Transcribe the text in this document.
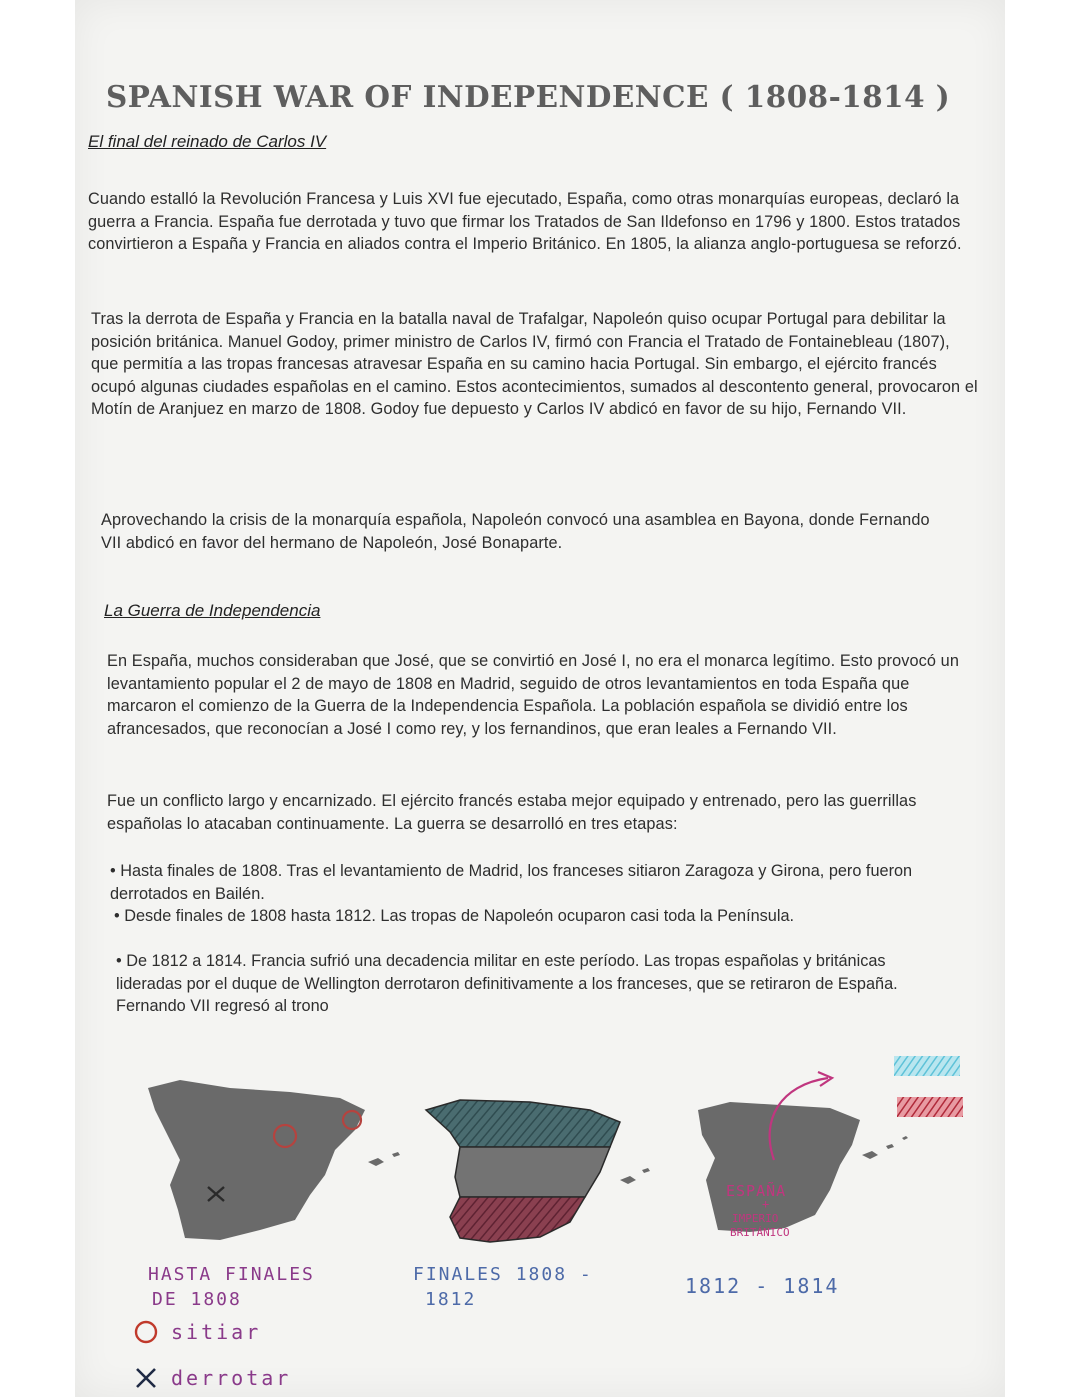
SPANISH WAR OF INDEPENDENCE ( 1808-1814 )
El final del reinado de Carlos IV

Cuando estalló la Revolución Francesa y Luis XVI fue ejecutado, España, como otras monarquías europeas, declaró la guerra a Francia. España fue derrotada y tuvo que firmar los Tratados de San Ildefonso en 1796 y 1800. Estos tratados convirtieron a España y Francia en aliados contra el Imperio Británico. En 1805, la alianza anglo-portuguesa se reforzó.

Tras la derrota de España y Francia en la batalla naval de Trafalgar, Napoleón quiso ocupar Portugal para debilitar la posición británica. Manuel Godoy, primer ministro de Carlos IV, firmó con Francia el Tratado de Fontainebleau (1807), que permitía a las tropas francesas atravesar España en su camino hacia Portugal. Sin embargo, el ejército francés ocupó algunas ciudades españolas en el camino. Estos acontecimientos, sumados al descontento general, provocaron el Motín de Aranjuez en marzo de 1808. Godoy fue depuesto y Carlos IV abdicó en favor de su hijo, Fernando VII.

Aprovechando la crisis de la monarquía española, Napoleón convocó una asamblea en Bayona, donde Fernando VII abdicó en favor del hermano de Napoleón, José Bonaparte.

La Guerra de Independencia

En España, muchos consideraban que José, que se convirtió en José I, no era el monarca legítimo. Esto provocó un levantamiento popular el 2 de mayo de 1808 en Madrid, seguido de otros levantamientos en toda España que marcaron el comienzo de la Guerra de la Independencia Española. La población española se dividió entre los afrancesados, que reconocían a José I como rey, y los fernandinos, que eran leales a Fernando VII.

Fue un conflicto largo y encarnizado. El ejército francés estaba mejor equipado y entrenado, pero las guerrillas españolas lo atacaban continuamente. La guerra se desarrolló en tres etapas:

• Hasta finales de 1808. Tras el levantamiento de Madrid, los franceses sitiaron Zaragoza y Girona, pero fueron derrotados en Bailén.

• Desde finales de 1808 hasta 1812. Las tropas de Napoleón ocuparon casi toda la Península.

• De 1812 a 1814. Francia sufrió una decadencia militar en este período. Las tropas españolas y británicas lideradas por el duque de Wellington derrotaron definitivamente a los franceses, que se retiraron de España. Fernando VII regresó al trono

ESPAÑA
+
IMPERIO
BRITÁNICO
HASTA FINALES
DE 1808
FINALES 1808 -
1812
1812 - 1814
sitiar
derrotar
